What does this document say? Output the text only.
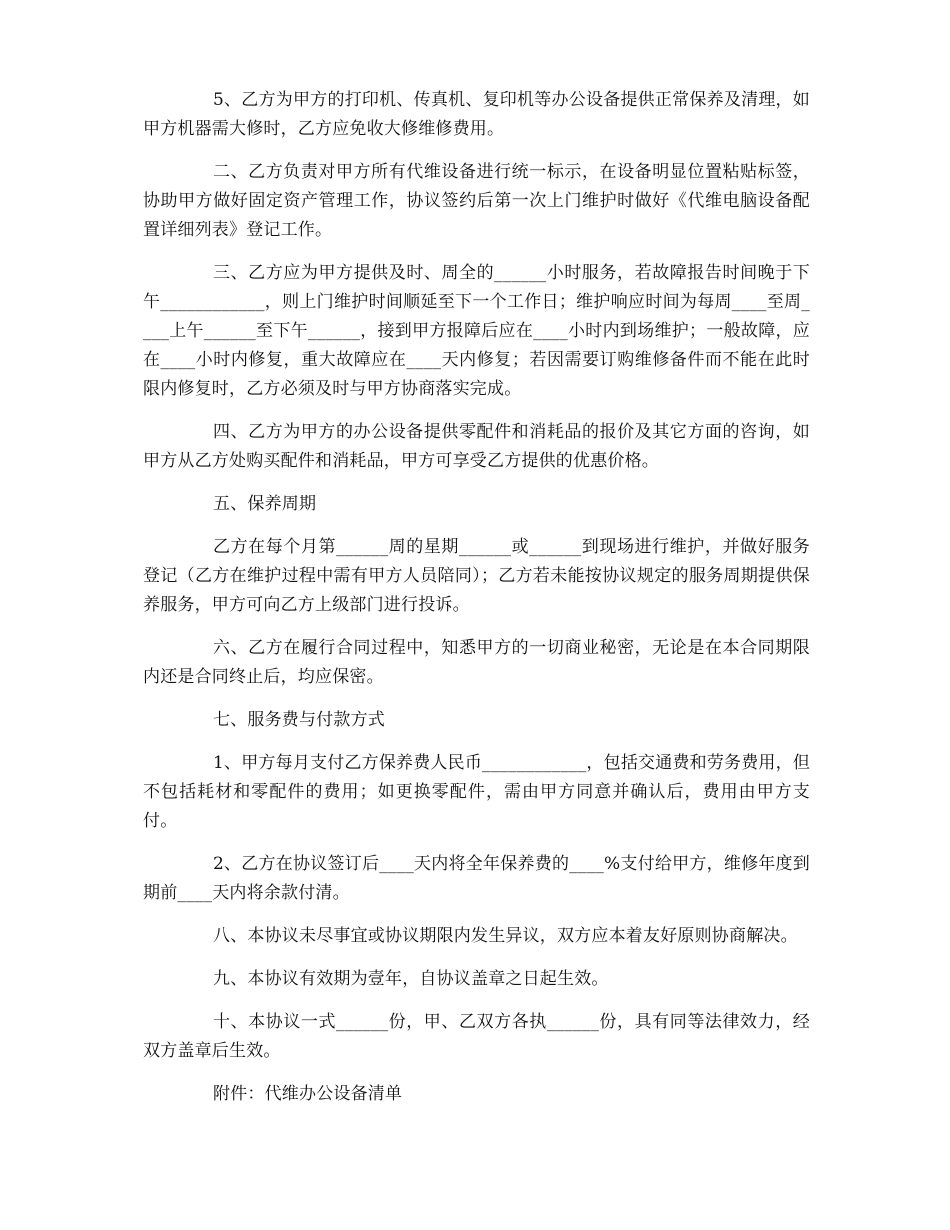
5、乙方为甲方的打印机、传真机、复印机等办公设备提供正常保养及清理，如甲方机器需大修时，乙方应免收大修维修费用。

二、乙方负责对甲方所有代维设备进行统一标示，在设备明显位置粘贴标签，协助甲方做好固定资产管理工作，协议签约后第一次上门维护时做好《代维电脑设备配置详细列表》登记工作。

三、乙方应为甲方提供及时、周全的______小时服务，若故障报告时间晚于下午____________，则上门维护时间顺延至下一个工作日；维护响应时间为每周____至周____上午______至下午______，接到甲方报障后应在____小时内到场维护；一般故障，应在____小时内修复，重大故障应在____天内修复；若因需要订购维修备件而不能在此时限内修复时，乙方必须及时与甲方协商落实完成。

四、乙方为甲方的办公设备提供零配件和消耗品的报价及其它方面的咨询，如甲方从乙方处购买配件和消耗品，甲方可享受乙方提供的优惠价格。

五、保养周期

乙方在每个月第______周的星期______或______到现场进行维护，并做好服务登记（乙方在维护过程中需有甲方人员陪同）；乙方若未能按协议规定的服务周期提供保养服务，甲方可向乙方上级部门进行投诉。

六、乙方在履行合同过程中，知悉甲方的一切商业秘密，无论是在本合同期限内还是合同终止后，均应保密。

七、服务费与付款方式

1、甲方每月支付乙方保养费人民币____________，包括交通费和劳务费用，但不包括耗材和零配件的费用；如更换零配件，需由甲方同意并确认后，费用由甲方支付。

2、乙方在协议签订后____天内将全年保养费的____%支付给甲方，维修年度到期前____天内将余款付清。

八、本协议未尽事宜或协议期限内发生异议，双方应本着友好原则协商解决。

九、本协议有效期为壹年，自协议盖章之日起生效。

十、本协议一式______份，甲、乙双方各执______份，具有同等法律效力，经双方盖章后生效。

附件：代维办公设备清单
